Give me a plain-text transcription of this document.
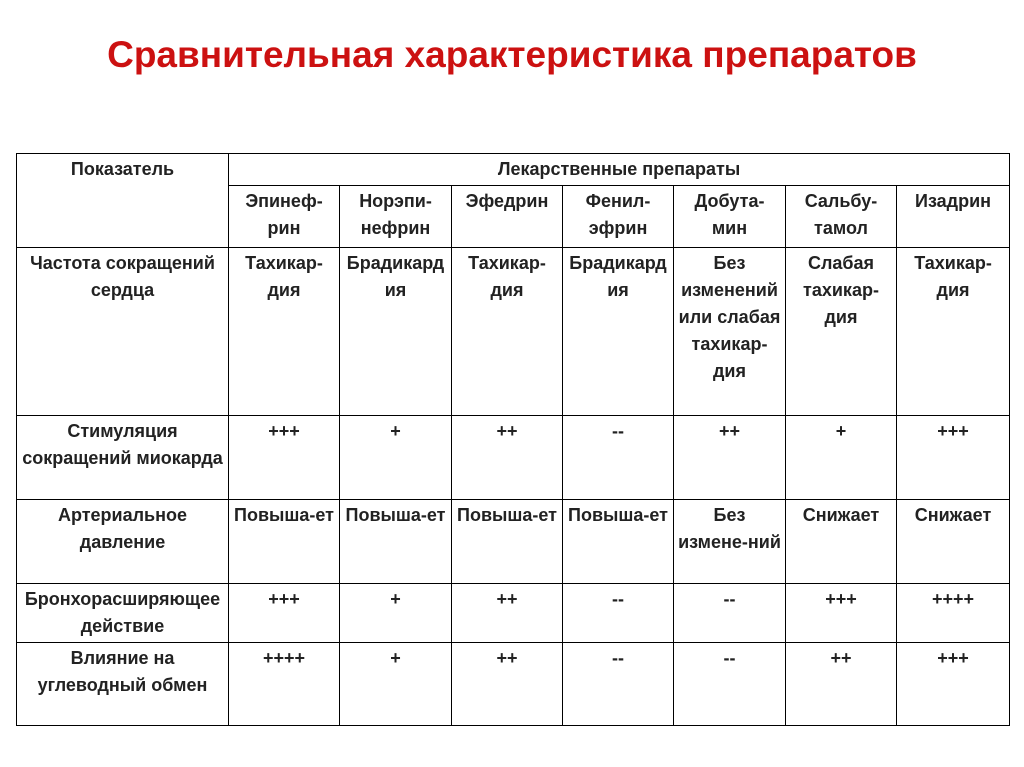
Сравнительная характеристика препаратов
Показатель	Лекарственные препараты						
	Эпинеф-рин	Норэпи-нефрин	Эфедрин	Фенил-эфрин	Добута-мин	Сальбу-тамол	Изадрин
Частота сокращений сердца	Тахикар-дия	Брадикардия	Тахикар-дия	Брадикардия	Без изменений или слабая тахикар-дия	Слабая тахикар-дия	Тахикар-дия
Стимуляция сокращений миокарда	+++	+	++	--	++	+	+++
Артериальное давление	Повыша-ет	Повыша-ет	Повыша-ет	Повыша-ет	Без измене-ний	Снижает	Снижает
Бронхорасширяющее действие	+++	+	++	--	--	+++	++++
Влияние на углеводный обмен	++++	+	++	--	--	++	+++
